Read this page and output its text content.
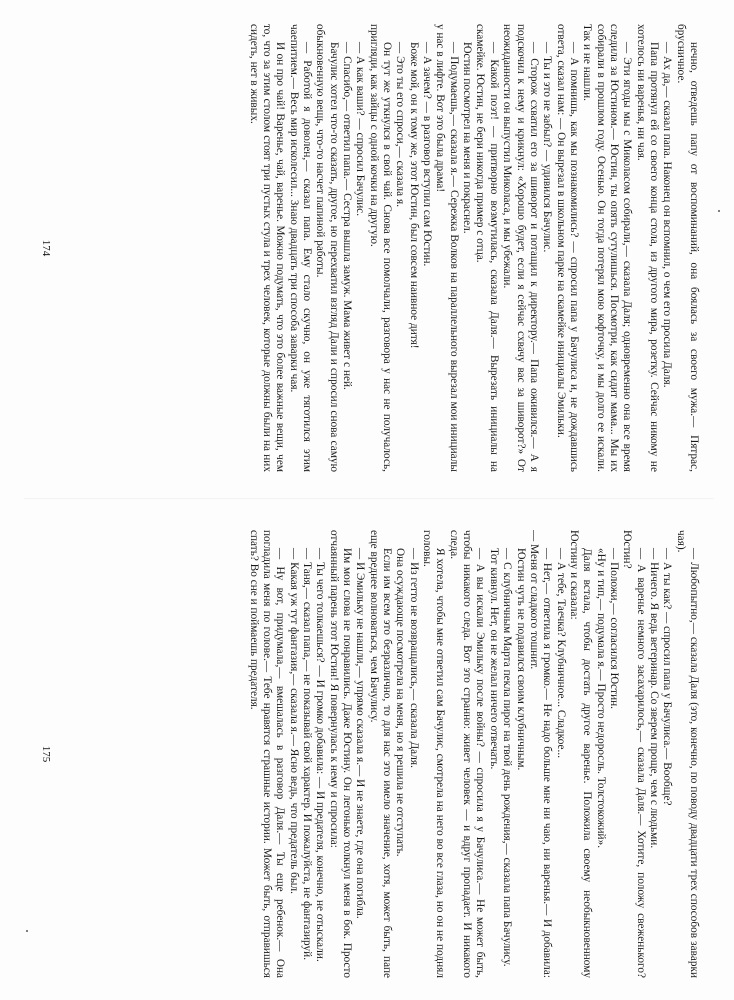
нечно, отведешь папу от воспоминаний, она боялась за своего мужа.— Пятрас, брусничное.

— Ах да,— сказал папа. Наконец он вспомнил, о чем его просила Даля.

Папа протянул ей со своего конца стола, из другого мира, розетку. Сейчас никому не хотелось ни варенья, ни чая.

— Эти ягоды мы с Миколасом собирали,— сказала Даля; одновременно она все время следила за Юстином.— Юстин, ты опять сутулишься. Посмотри, как сидит мама... Мы их собирали в прошлом году. Осенью. Он тогда потерял мою кофточку, и мы долго ее искали. Так и не нашли.

— А помнишь, как мы познакомились? — спросил папа у Бачулиса и, не дождавшись ответа, сказал нам: — Он вырезал в школьном парке на скамейке инициалы Эмильки.

— Ты и это не забыл? — удивился Бачулис.

— Сторож схватил его за шиворот и потащил к директору.— Папа оживился.— А я подскочил к нему и крикнул: «Хорошо будет, если я сейчас схвачу вас за шиворот?» От неожиданности он выпустил Миколаса, и мы убежали.

— Какой поэт! — притворно возмутилась, сказала Даля.— Вырезать инициалы на скамейке. Юстин, не бери никогда пример с отца.

Юстин посмотрел на меня и покраснел.

— Подумаешь,— сказала я.— Сережка Волков на параллельного вырезал мои инициалы у нас в лифте. Вот это была драма!

— А зачем? — в разговор вступил сам Юстин.

Боже мой, он к тому же, этот Юстин, был совсем наивное дитя!

— Это ты его спроси,— сказала я.

Он тут же уткнулся в свой чай. Снова все помолчали, разговора у нас не получалось, пригляди, как зайцы с одной кочки на другую.

— А как ваши? — спросил Бачулис.

— Спасибо,— ответил папа.— Сестра вышла замуж. Мама живет с ней.

Бачулис хотел что-то сказать, другое, но перехватил взгляд Дали и спросил снова самую обыкновенную вещь, что-то насчет папиной работы.

— Работой я доволен,— сказал папа. Ему стало скучно, он уже тяготился этим чаепитием.— Весь мир исколесил... Знаю двадцать три способа заварки чая.

И он про чай! Варенье, чай, варенье. Можно подумать, что это более важные вещи, чем то, что за этим столом стоят три пустых стула и трех человек, которые должны были на них сидеть, нет в живых.

174

— Любопытно,— сказала Даля (это, конечно, по поводу двадцати трех способов заварки чая).

— А ты как? — спросил папа у Бачулиса.— Вообще?

— Ничего. Я ведь ветеринар. Со зверем проще, чем с людьми.

— А варенье немного засахарилось,— сказала Даля.— Хотите, положу свеженького? Юстин?

— Положи,— согласился Юстин.

«Ну и тип,— подумала я.— Просто недоросль. Толстокожий».

Даля встала, чтобы достать другое варенье. Положила своему необыкновенному Юстину и сказала:

— А тебе, Таечка? Клубничное... Сладкое...

— Нет,— ответила я громко.— Не надо больше мне ни чаю, ни варенья.— И добавила: — Меня от сладкого тошнит.

Юстин чуть не подавился своим клубничным.

— С клубничным Марта пекла пирог на твой день рождения,— сказала папа Бачулису.

Тот кивнул. Нет, он не желал ничего отвечать.

— А вы искали Эмильку после войны? — спросила я у Бачулиса.— Не может быть, чтобы никакого следа. Вот это странно: живет человек — и вдруг пропадает. И никакого следа.

Я хотела, чтобы мне ответил сам Бачулис, смотрела на него во все глаза, но он не поднял головы.

— Из гетто не возвращались,— сказала Даля.

Она осуждающе посмотрела на меня, но я решила не отступать.

Если им всем это безразлично, то для нас это имело значение, хотя, может быть, папе еще вреднее волноваться, чем Бачулису.

— И Эмильку не нашли,— упрямо сказала я.— И не знаете, где она погибла.

Им мои слова не понравились. Даже Юстину. Он легонько толкнул меня в бок. Просто отчаянный парень этот Юстин! Я повернулась к нему и спросила:

— Ты чего толкаешься? — И громко добавила: — И предателя, конечно, не отыскали.

— Таня,— сказал папа,— не показывай свой характер. И пожалуйста, не фантазируй.

— Какая уж тут фантазия,— сказала я.— Ясно ведь, что предатель был.

— Ну вот, придумала,— вмешалась в разговор Даля.— Ты еще ребенок.— Она погладила меня по голове.— Тебе нравятся страшные истории. Может быть, отправишься спать? Во сне и поймаешь предателя.

175
